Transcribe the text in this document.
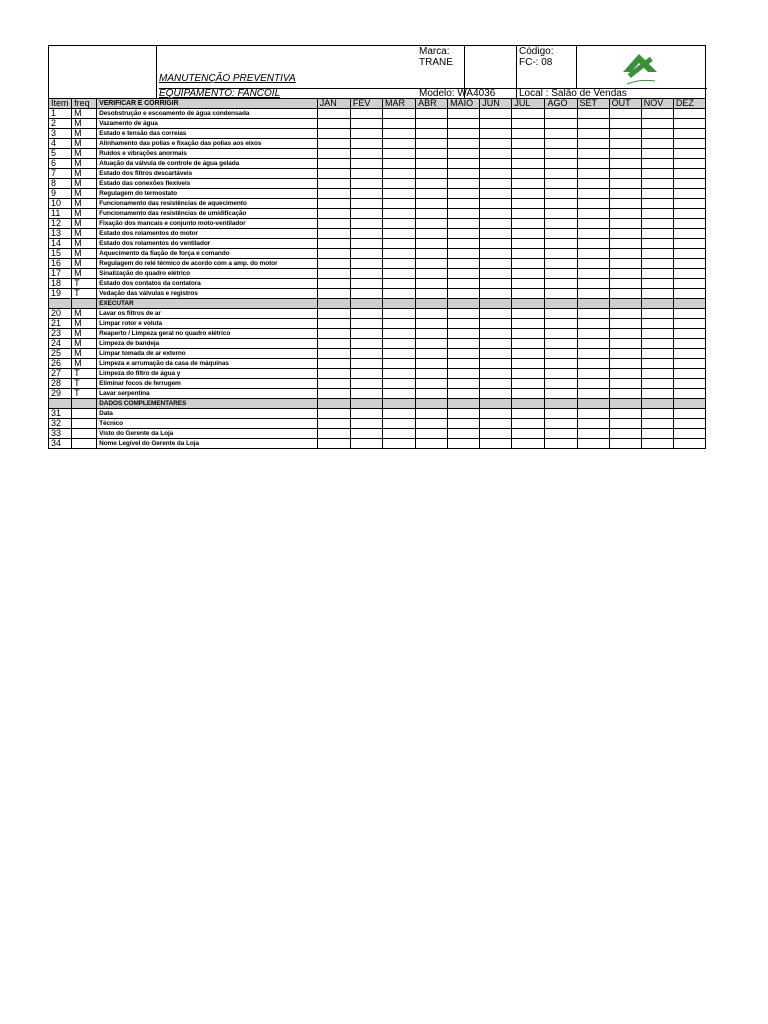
MANUTENÇÃO PREVENTIVA
EQUIPAMENTO: FANCOIL
Marca:
TRANE
Código:
FC-: 08
Modelo: WA4036	Local : Salão de Vendas
Item	freq	VERIFICAR E CORRIGIR	JAN	FEV	MAR	ABR	MAIO	JUN	JUL	AGO	SET	OUT	NOV	DEZ
1	M	Desobstrução e escoamento de água condensada												
2	M	Vazamento de água												
3	M	Estado e tensão das correias												
4	M	Alinhamento das polias e fixação das polias aos eixos												
5	M	Ruídos e vibrações anormais												
6	M	Atuação da válvula de controle de água gelada												
7	M	Estado dos filtros descartáveis												
8	M	Estado das conexões flexíveis												
9	M	Regulagem do termostato												
10	M	Funcionamento das resistências de aquecimento												
11	M	Funcionamento das resistências de umidificação												
12	M	Fixação dos mancais e conjunto moto-ventilador												
13	M	Estado dos rolamentos do motor												
14	M	Estado dos rolamentos do ventilador												
15	M	Aquecimento da fiação de força e comando												
16	M	Regulagem do relé térmico de acordo com a amp. do motor												
17	M	Sinalização do quadro elétrico												
18	T	Estado dos contatos da contatora												
19	T	Vedação das válvulas e registros												
		EXECUTAR												
20	M	Lavar os filtros de ar												
21	M	Limpar rotor e voluta												
23	M	Reaperto / Limpeza geral no quadro elétrico												
24	M	Limpeza de bandeja												
25	M	Limpar tomada de ar externo												
26	M	Limpeza e arrumação da casa de máquinas												
27	T	Limpeza do filtro de água y												
28	T	Eliminar focos de ferrugem												
29	T	Lavar serpentina												
		DADOS COMPLEMENTARES												
31		Data												
32		Técnico												
33		Visto do Gerente da Loja												
34		Nome Legível do Gerente da Loja												
